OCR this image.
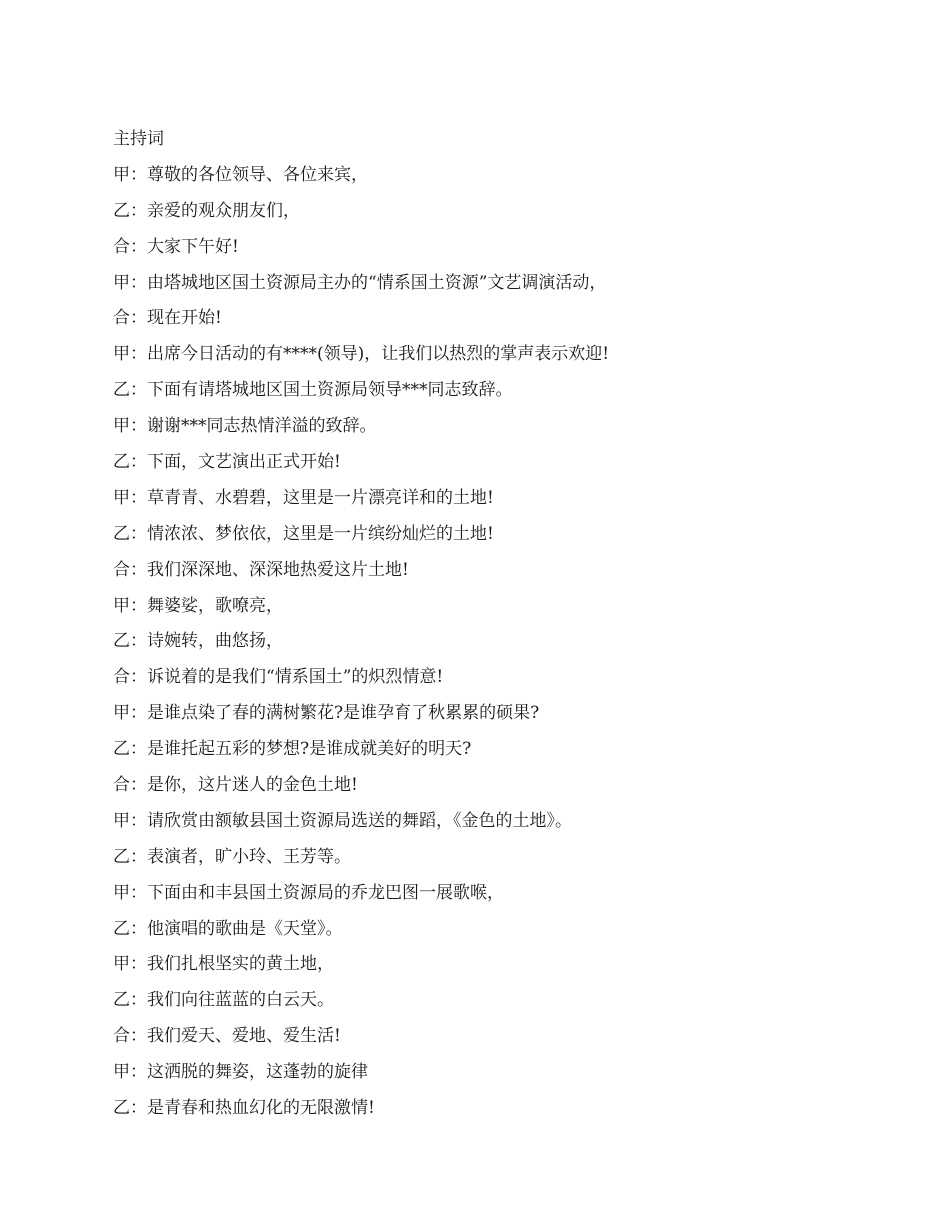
主持词
甲：尊敬的各位领导、各位来宾，
乙：亲爱的观众朋友们，
合：大家下午好!
甲：由塔城地区国土资源局主办的“情系国土资源”文艺调演活动，
合：现在开始!
甲：出席今日活动的有****(领导)，让我们以热烈的掌声表示欢迎!
乙：下面有请塔城地区国土资源局领导***同志致辞。
甲：谢谢***同志热情洋溢的致辞。
乙：下面，文艺演出正式开始!
甲：草青青、水碧碧，这里是一片漂亮详和的土地!
乙：情浓浓、梦依依，这里是一片缤纷灿烂的土地!
合：我们深深地、深深地热爱这片土地!
甲：舞婆娑，歌嘹亮，
乙：诗婉转，曲悠扬，
合：诉说着的是我们“情系国土”的炽烈情意!
甲：是谁点染了春的满树繁花?是谁孕育了秋累累的硕果?
乙：是谁托起五彩的梦想?是谁成就美好的明天?
合：是你，这片迷人的金色土地!
甲：请欣赏由额敏县国土资源局选送的舞蹈，《金色的土地》。
乙：表演者，旷小玲、王芳等。
甲：下面由和丰县国土资源局的乔龙巴图一展歌喉，
乙：他演唱的歌曲是《天堂》。
甲：我们扎根坚实的黄土地，
乙：我们向往蓝蓝的白云天。
合：我们爱天、爱地、爱生活!
甲：这洒脱的舞姿，这蓬勃的旋律
乙：是青春和热血幻化的无限激情!
